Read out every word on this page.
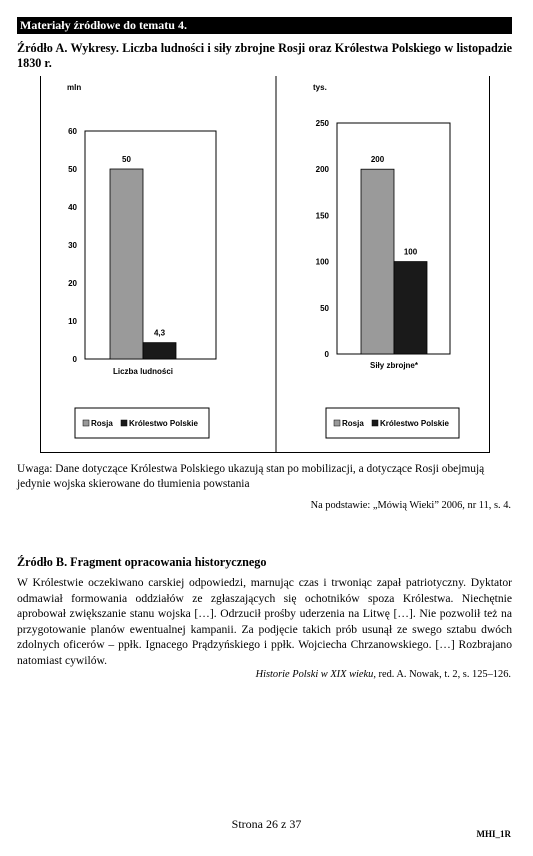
Materiały źródłowe do tematu 4.
Źródło A. Wykresy. Liczba ludności i siły zbrojne Rosji oraz Królestwa Polskiego w listopadzie 1830 r.
mln
0
10
20
30
40
50
60
50
4,3
Liczba ludności
Rosja Królestwo Polskie
tys.
0
50
100
150
200
250
200
100
Siły zbrojne*
Rosja Królestwo Polskie
Uwaga: Dane dotyczące Królestwa Polskiego ukazują stan po mobilizacji, a dotyczące Rosji obejmują jedynie wojska skierowane do tłumienia powstania
Na podstawie: „Mówią Wieki” 2006, nr 11, s. 4.
Źródło B. Fragment opracowania historycznego
W Królestwie oczekiwano carskiej odpowiedzi, marnując czas i trwoniąc zapał patriotyczny. Dyktator odmawiał formowania oddziałów ze zgłaszających się ochotników spoza Królestwa. Niechętnie aprobował zwiększanie stanu wojska […]. Odrzucił prośby uderzenia na Litwę […]. Nie pozwolił też na przygotowanie planów ewentualnej kampanii. Za podjęcie takich prób usunął ze swego sztabu dwóch zdolnych oficerów – ppłk. Ignacego Prądzyńskiego i ppłk. Wojciecha Chrzanowskiego. […] Rozbrajano natomiast cywilów.
Historie Polski w XIX wieku, red. A. Nowak, t. 2, s. 125–126.
Strona 26 z 37
MHI_1R
